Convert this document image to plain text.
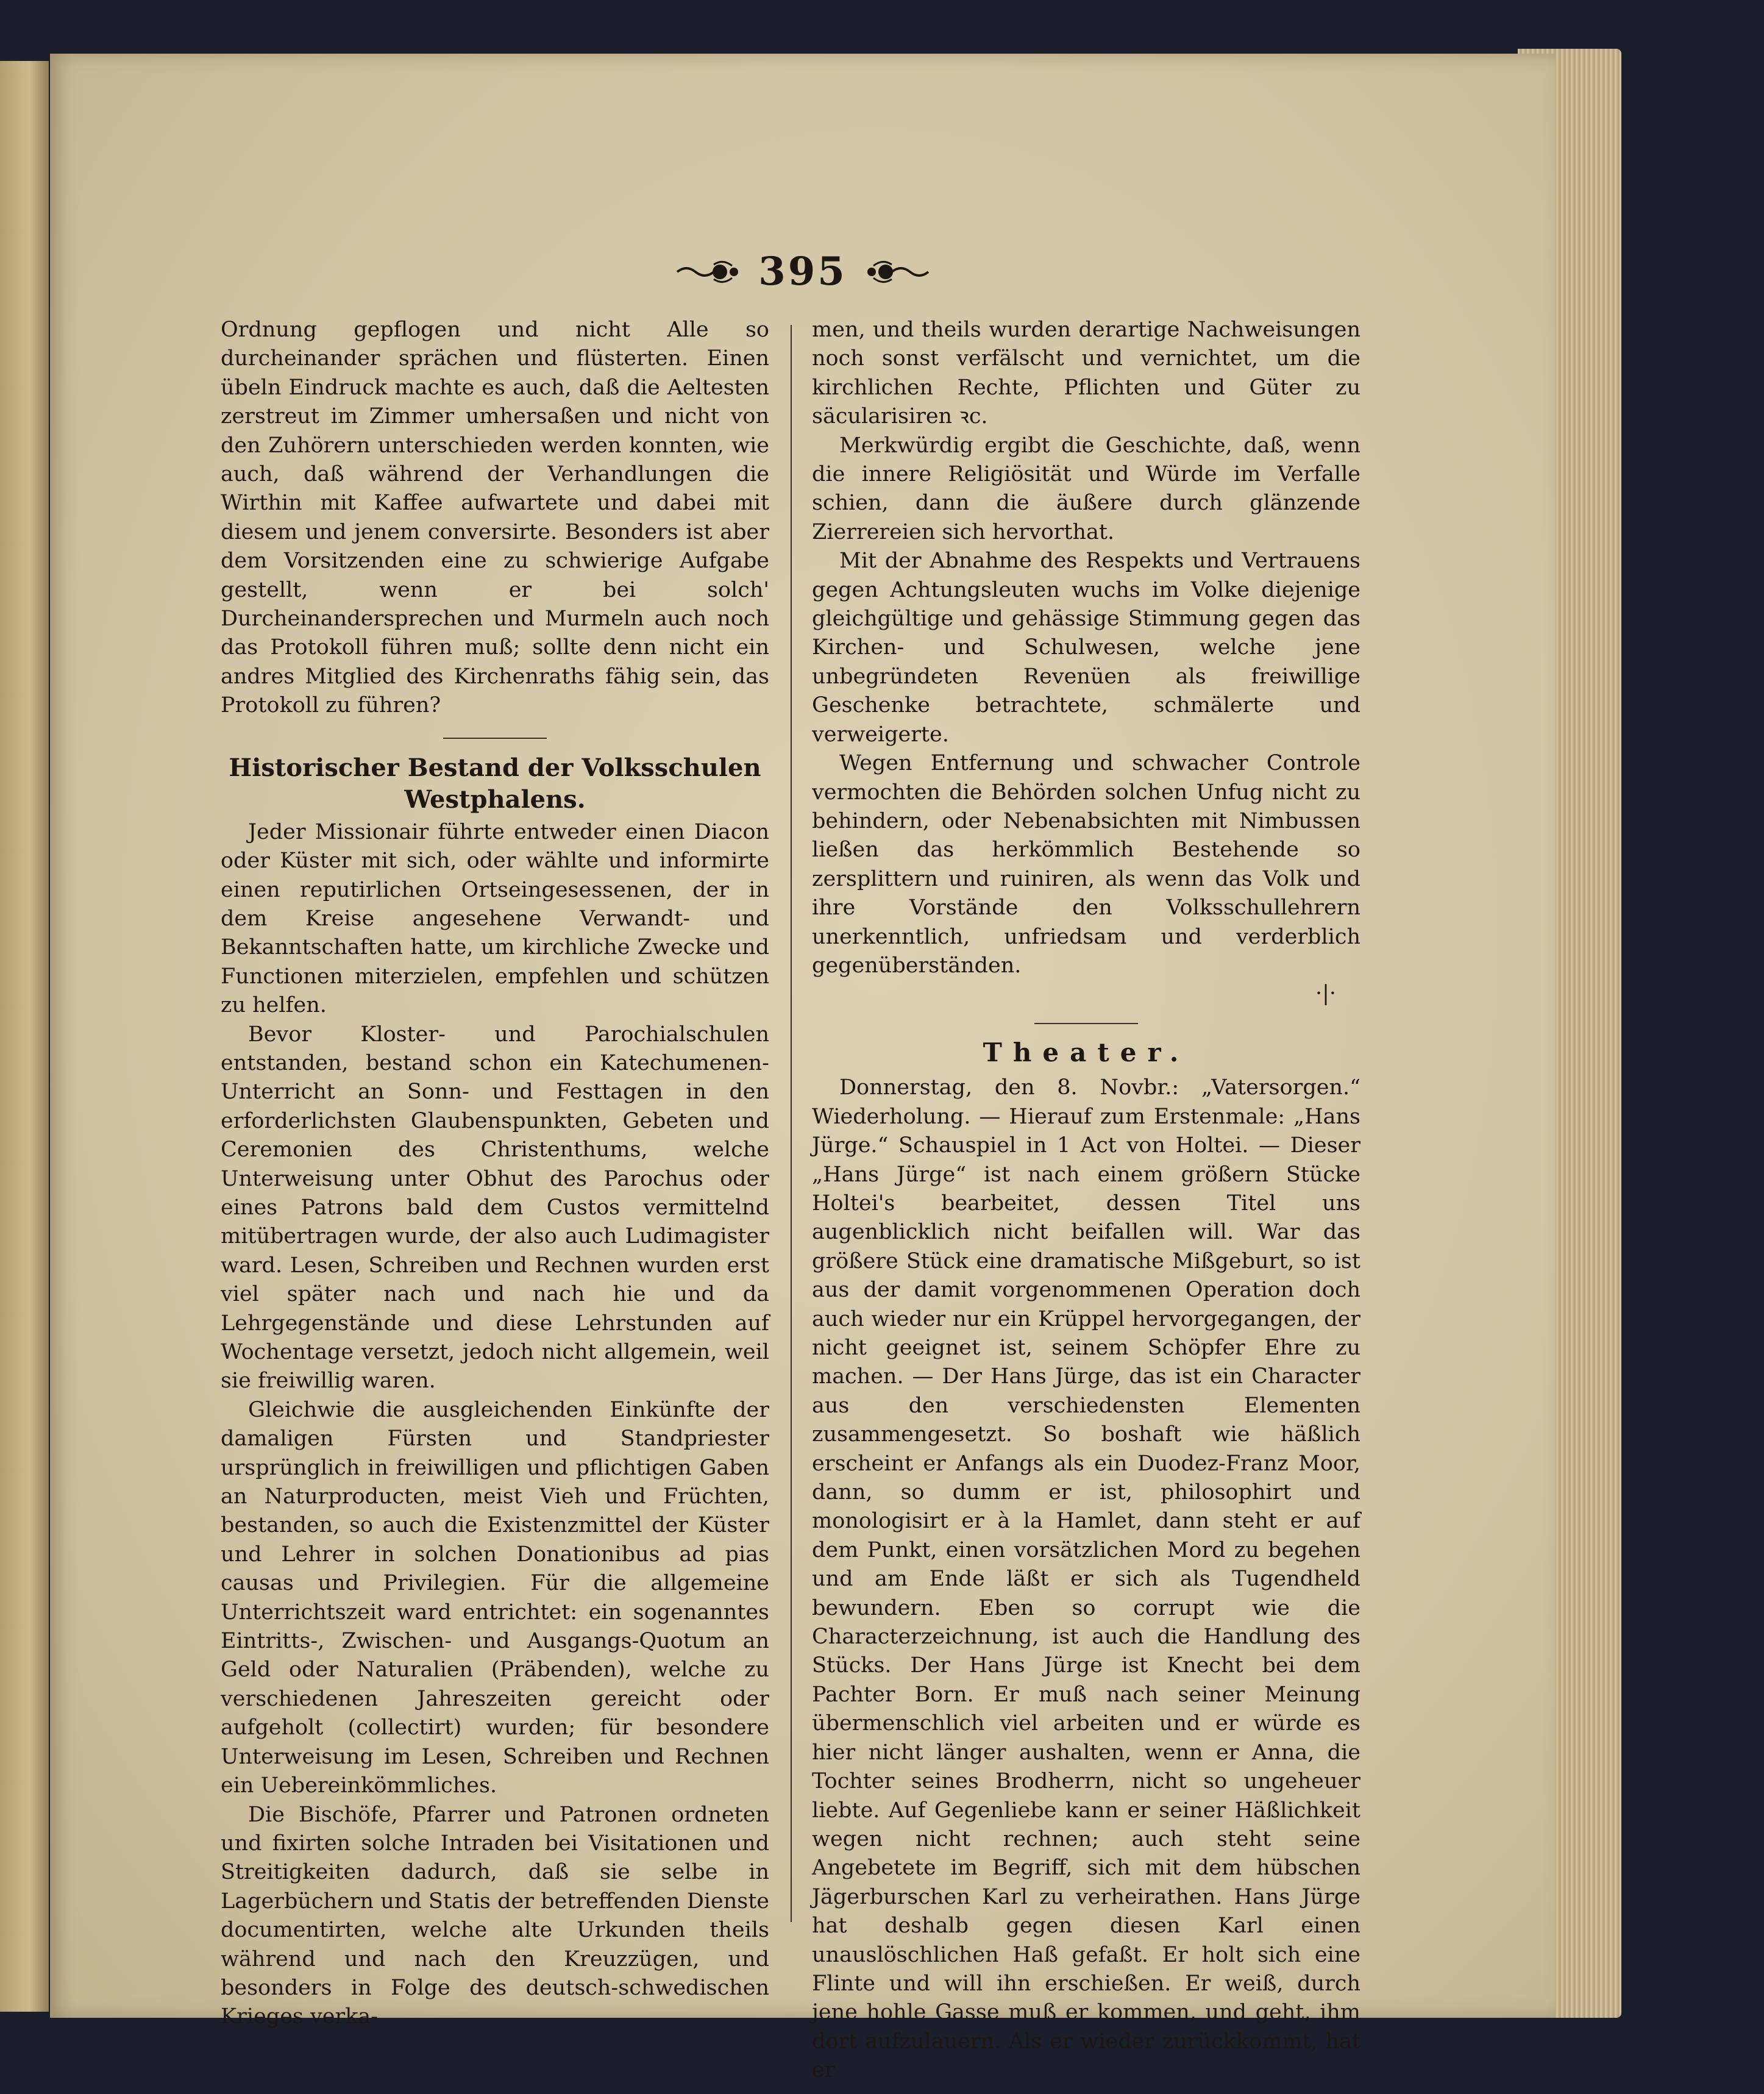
395

Ordnung gepflogen und nicht Alle so durcheinander sprächen und flüsterten. Einen übeln Eindruck machte es auch, daß die Aeltesten zerstreut im Zimmer umhersaßen und nicht von den Zuhörern unterschieden werden konnten, wie auch, daß während der Verhandlungen die Wirthin mit Kaffee aufwartete und dabei mit diesem und jenem conversirte. Besonders ist aber dem Vorsitzenden eine zu schwierige Aufgabe gestellt, wenn er bei solch' Durcheinandersprechen und Murmeln auch noch das Protokoll führen muß; sollte denn nicht ein andres Mitglied des Kirchenraths fähig sein, das Protokoll zu führen?

Historischer Bestand der Volksschulen Westphalens.

Jeder Missionair führte entweder einen Diacon oder Küster mit sich, oder wählte und informirte einen reputirlichen Ortseingesessenen, der in dem Kreise angesehene Verwandt- und Bekanntschaften hatte, um kirchliche Zwecke und Functionen miterzielen, empfehlen und schützen zu helfen.

Bevor Kloster- und Parochialschulen entstanden, bestand schon ein Katechumenen-Unterricht an Sonn- und Festtagen in den erforderlichsten Glaubenspunkten, Gebeten und Ceremonien des Christenthums, welche Unterweisung unter Obhut des Parochus oder eines Patrons bald dem Custos vermittelnd mitübertragen wurde, der also auch Ludimagister ward. Lesen, Schreiben und Rechnen wurden erst viel später nach und nach hie und da Lehrgegenstände und diese Lehrstunden auf Wochentage versetzt, jedoch nicht allgemein, weil sie freiwillig waren.

Gleichwie die ausgleichenden Einkünfte der damaligen Fürsten und Standpriester ursprünglich in freiwilligen und pflichtigen Gaben an Naturproducten, meist Vieh und Früchten, bestanden, so auch die Existenzmittel der Küster und Lehrer in solchen Donationibus ad pias causas und Privilegien. Für die allgemeine Unterrichtszeit ward entrichtet: ein sogenanntes Eintritts-, Zwischen- und Ausgangs-Quotum an Geld oder Naturalien (Präbenden), welche zu verschiedenen Jahreszeiten gereicht oder aufgeholt (collectirt) wurden; für besondere Unterweisung im Lesen, Schreiben und Rechnen ein Uebereinkömmliches.

Die Bischöfe, Pfarrer und Patronen ordneten und fixirten solche Intraden bei Visitationen und Streitigkeiten dadurch, daß sie selbe in Lagerbüchern und Statis der betreffenden Dienste documentirten, welche alte Urkunden theils während und nach den Kreuzzügen, und besonders in Folge des deutsch-schwedischen Krieges verka-

men, und theils wurden derartige Nachweisungen noch sonst verfälscht und vernichtet, um die kirchlichen Rechte, Pflichten und Güter zu säcularisiren ꝛc.

Merkwürdig ergibt die Geschichte, daß, wenn die innere Religiösität und Würde im Verfalle schien, dann die äußere durch glänzende Zierrereien sich hervorthat.

Mit der Abnahme des Respekts und Vertrauens gegen Achtungsleuten wuchs im Volke diejenige gleichgültige und gehässige Stimmung gegen das Kirchen- und Schulwesen, welche jene unbegründeten Revenüen als freiwillige Geschenke betrachtete, schmälerte und verweigerte.

Wegen Entfernung und schwacher Controle vermochten die Behörden solchen Unfug nicht zu behindern, oder Nebenabsichten mit Nimbussen ließen das herkömmlich Bestehende so zersplittern und ruiniren, als wenn das Volk und ihre Vorstände den Volksschullehrern unerkenntlich, unfriedsam und verderblich gegenüberständen.

·|·

Theater.

Donnerstag, den 8. Novbr.: „Vatersorgen.“ Wiederholung. — Hierauf zum Erstenmale: „Hans Jürge.“ Schauspiel in 1 Act von Holtei. — Dieser „Hans Jürge“ ist nach einem größern Stücke Holtei's bearbeitet, dessen Titel uns augenblicklich nicht beifallen will. War das größere Stück eine dramatische Mißgeburt, so ist aus der damit vorgenommenen Operation doch auch wieder nur ein Krüppel hervorgegangen, der nicht geeignet ist, seinem Schöpfer Ehre zu machen. — Der Hans Jürge, das ist ein Character aus den verschiedensten Elementen zusammengesetzt. So boshaft wie häßlich erscheint er Anfangs als ein Duodez-Franz Moor, dann, so dumm er ist, philosophirt und monologisirt er à la Hamlet, dann steht er auf dem Punkt, einen vorsätzlichen Mord zu begehen und am Ende läßt er sich als Tugendheld bewundern. Eben so corrupt wie die Characterzeichnung, ist auch die Handlung des Stücks. Der Hans Jürge ist Knecht bei dem Pachter Born. Er muß nach seiner Meinung übermenschlich viel arbeiten und er würde es hier nicht länger aushalten, wenn er Anna, die Tochter seines Brodherrn, nicht so ungeheuer liebte. Auf Gegenliebe kann er seiner Häßlichkeit wegen nicht rechnen; auch steht seine Angebetete im Begriff, sich mit dem hübschen Jägerburschen Karl zu verheirathen. Hans Jürge hat deshalb gegen diesen Karl einen unauslöschlichen Haß gefaßt. Er holt sich eine Flinte und will ihn erschießen. Er weiß, durch jene hohle Gasse muß er kommen, und geht, ihm dort aufzulauern. Als er wieder zurückkommt, hat er
